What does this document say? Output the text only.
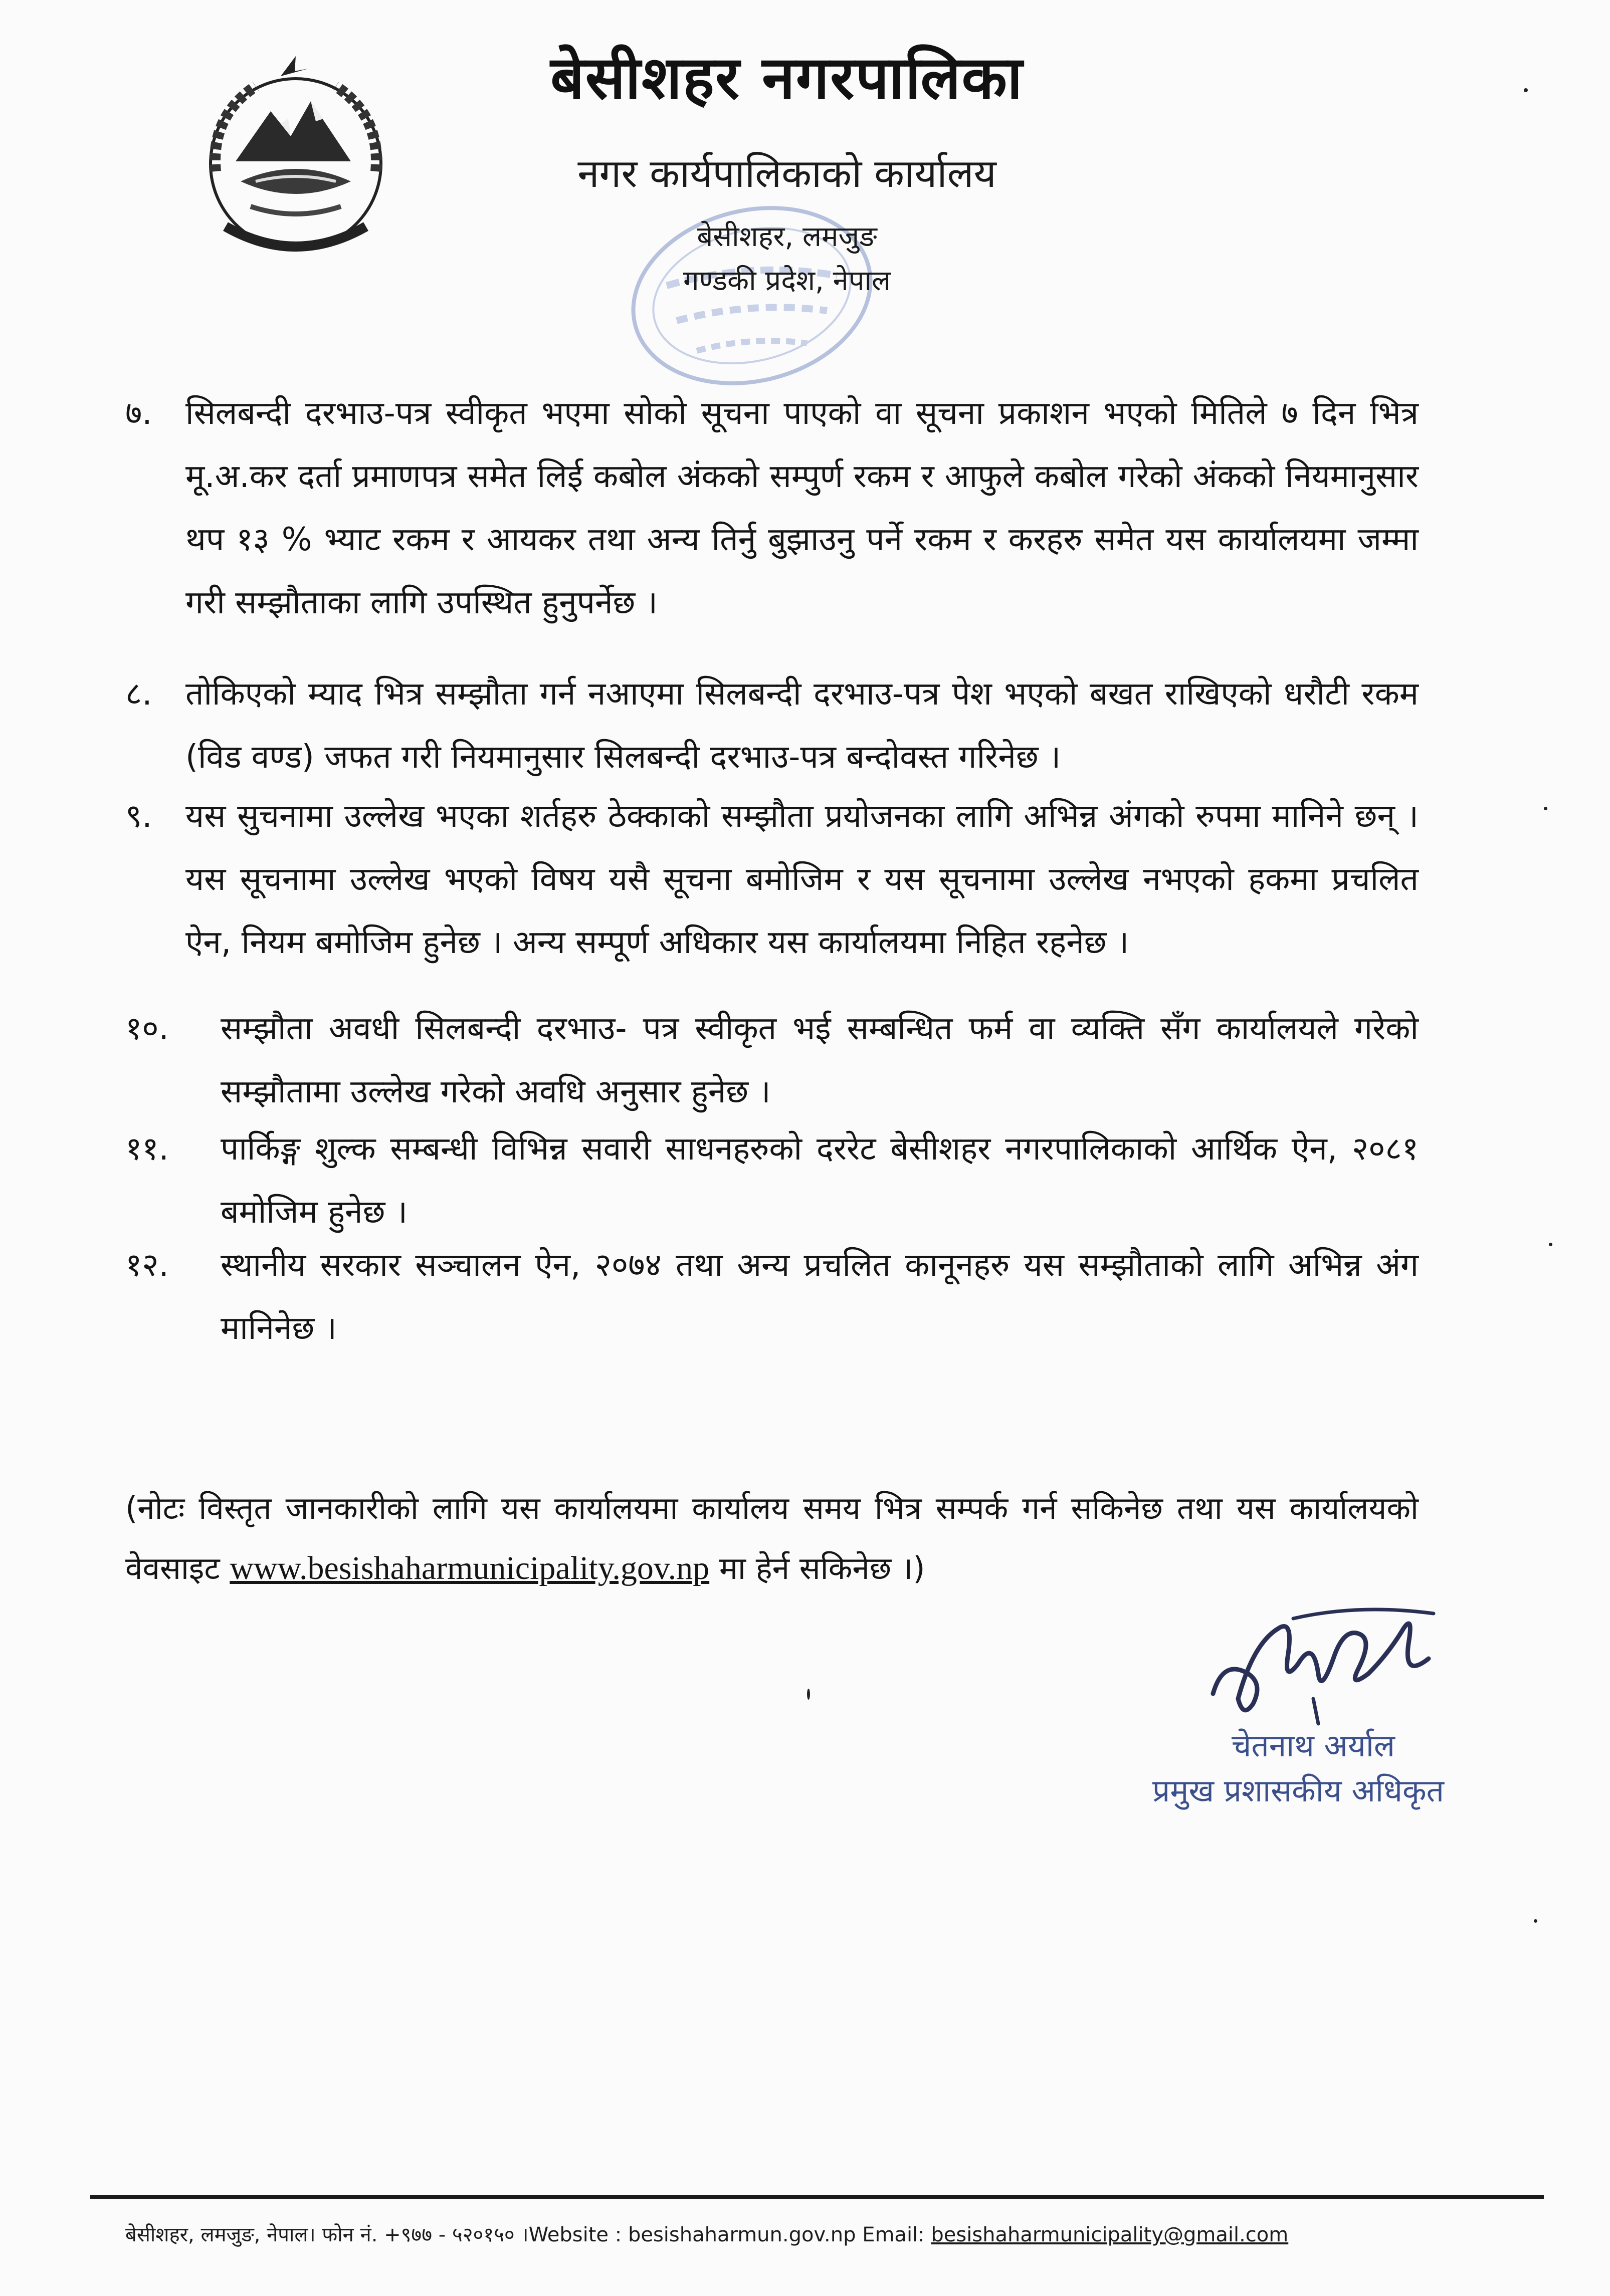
बेसीशहर नगरपालिका
नगर कार्यपालिकाको कार्यालय
बेसीशहर, लमजुङ
गण्डकी प्रदेश, नेपाल
७. सिलबन्दी दरभाउ-पत्र स्वीकृत भएमा सोको सूचना पाएको वा सूचना प्रकाशन भएको मितिले ७ दिन भित्र मू.अ.कर दर्ता प्रमाणपत्र समेत लिई कबोल अंकको सम्पुर्ण रकम र आफुले कबोल गरेको अंकको नियमानुसार थप १३ % भ्याट रकम र आयकर तथा अन्य तिर्नु बुझाउनु पर्ने रकम र करहरु समेत यस कार्यालयमा जम्मा गरी सम्झौताका लागि उपस्थित हुनुपर्नेछ ।
८. तोकिएको म्याद भित्र सम्झौता गर्न नआएमा सिलबन्दी दरभाउ-पत्र पेश भएको बखत राखिएको धरौटी रकम (विड वण्ड) जफत गरी नियमानुसार सिलबन्दी दरभाउ-पत्र बन्दोवस्त गरिनेछ ।
९. यस सुचनामा उल्लेख भएका शर्तहरु ठेक्काको सम्झौता प्रयोजनका लागि अभिन्न अंगको रुपमा मानिने छन् । यस सूचनामा उल्लेख भएको विषय यसै सूचना बमोजिम र यस सूचनामा उल्लेख नभएको हकमा प्रचलित ऐन, नियम बमोजिम हुनेछ । अन्य सम्पूर्ण अधिकार यस कार्यालयमा निहित रहनेछ ।
१०. सम्झौता अवधी सिलबन्दी दरभाउ- पत्र स्वीकृत भई सम्बन्धित फर्म वा व्यक्ति सँग कार्यालयले गरेको सम्झौतामा उल्लेख गरेको अवधि अनुसार हुनेछ ।
११. पार्किङ्ग शुल्क सम्बन्धी विभिन्न सवारी साधनहरुको दररेट बेसीशहर नगरपालिकाको आर्थिक ऐन, २०८१ बमोजिम हुनेछ ।
१२. स्थानीय सरकार सञ्चालन ऐन, २०७४ तथा अन्य प्रचलित कानूनहरु यस सम्झौताको लागि अभिन्न अंग मानिनेछ ।
(नोटः विस्तृत जानकारीको लागि यस कार्यालयमा कार्यालय समय भित्र सम्पर्क गर्न सकिनेछ तथा यस कार्यालयको वेवसाइट www.besishaharmunicipality.gov.np मा हेर्न सकिनेछ ।)
चेतनाथ अर्याल
प्रमुख प्रशासकीय अधिकृत
बेसीशहर, लमजुङ, नेपाल। फोन नं. +९७७ - ५२०१५० ।Website : besishaharmun.gov.np Email: besishaharmunicipality@gmail.com
